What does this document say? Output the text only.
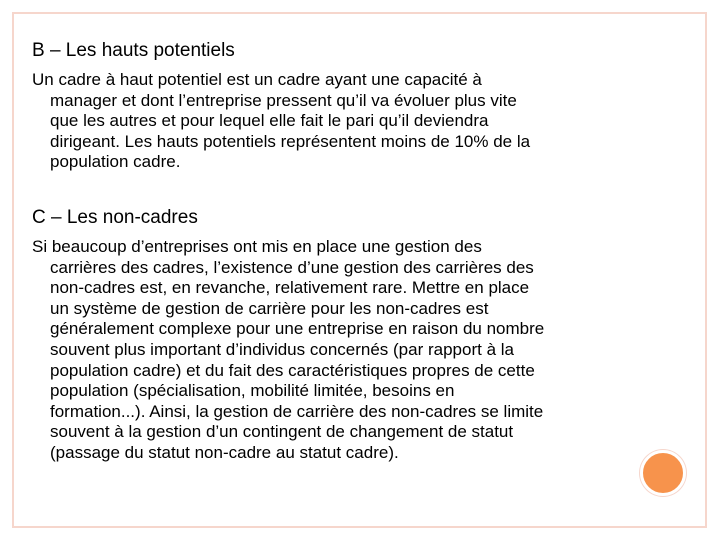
B – Les hauts potentiels

Un cadre à haut potentiel est un cadre ayant une capacité à
manager et dont l’entreprise pressent qu’il va évoluer plus vite
que les autres et pour lequel elle fait le pari qu’il deviendra
dirigeant. Les hauts potentiels représentent moins de 10% de la
population cadre.

C – Les non-cadres

Si beaucoup d’entreprises ont mis en place une gestion des
carrières des cadres, l’existence d’une gestion des carrières des
non-cadres est, en revanche, relativement rare. Mettre en place
un système de gestion de carrière pour les non-cadres est
généralement complexe pour une entreprise en raison du nombre
souvent plus important d’individus concernés (par rapport à la
population cadre) et du fait des caractéristiques propres de cette
population (spécialisation, mobilité limitée, besoins en
formation...). Ainsi, la gestion de carrière des non-cadres se limite
souvent à la gestion d’un contingent de changement de statut
(passage du statut non-cadre au statut cadre).
